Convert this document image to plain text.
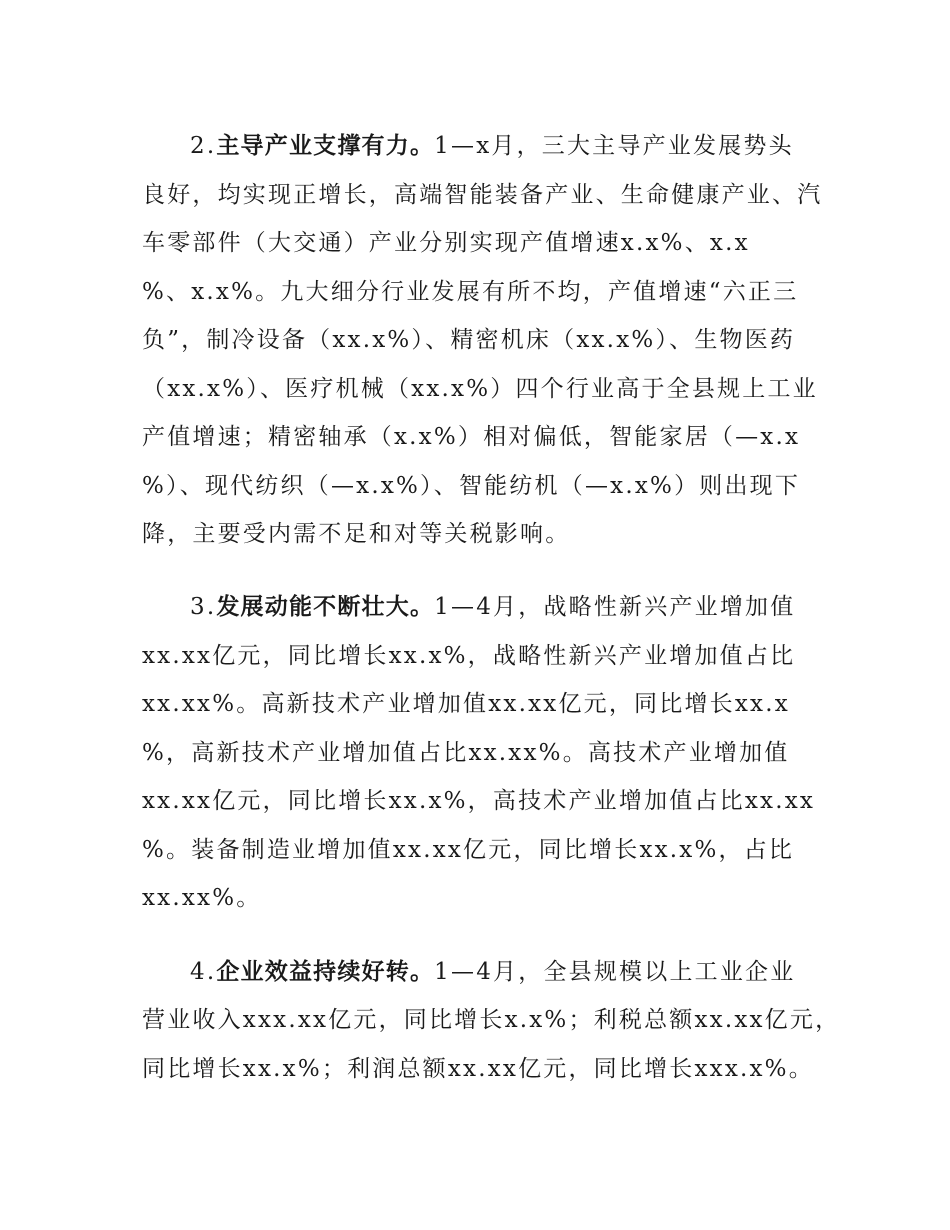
2.主导产业支撑有力。1—x月，三大主导产业发展势头
良好，均实现正增长，高端智能装备产业、生命健康产业、汽
车零部件（大交通）产业分别实现产值增速x.x%、x.x
%、x.x%。九大细分行业发展有所不均，产值增速“六正三
负”，制冷设备（xx.x%）、精密机床（xx.x%）、生物医药
（xx.x%）、医疗机械（xx.x%）四个行业高于全县规上工业
产值增速；精密轴承（x.x%）相对偏低，智能家居（—x.x
%）、现代纺织（—x.x%）、智能纺机（—x.x%）则出现下
降，主要受内需不足和对等关税影响。
3.发展动能不断壮大。1—4月，战略性新兴产业增加值
xx.xx亿元，同比增长xx.x%，战略性新兴产业增加值占比
xx.xx%。高新技术产业增加值xx.xx亿元，同比增长xx.x
%，高新技术产业增加值占比xx.xx%。高技术产业增加值
xx.xx亿元，同比增长xx.x%，高技术产业增加值占比xx.xx
%。装备制造业增加值xx.xx亿元，同比增长xx.x%，占比
xx.xx%。
4.企业效益持续好转。1—4月，全县规模以上工业企业
营业收入xxx.xx亿元，同比增长x.x%；利税总额xx.xx亿元，
同比增长xx.x%；利润总额xx.xx亿元，同比增长xxx.x%。
